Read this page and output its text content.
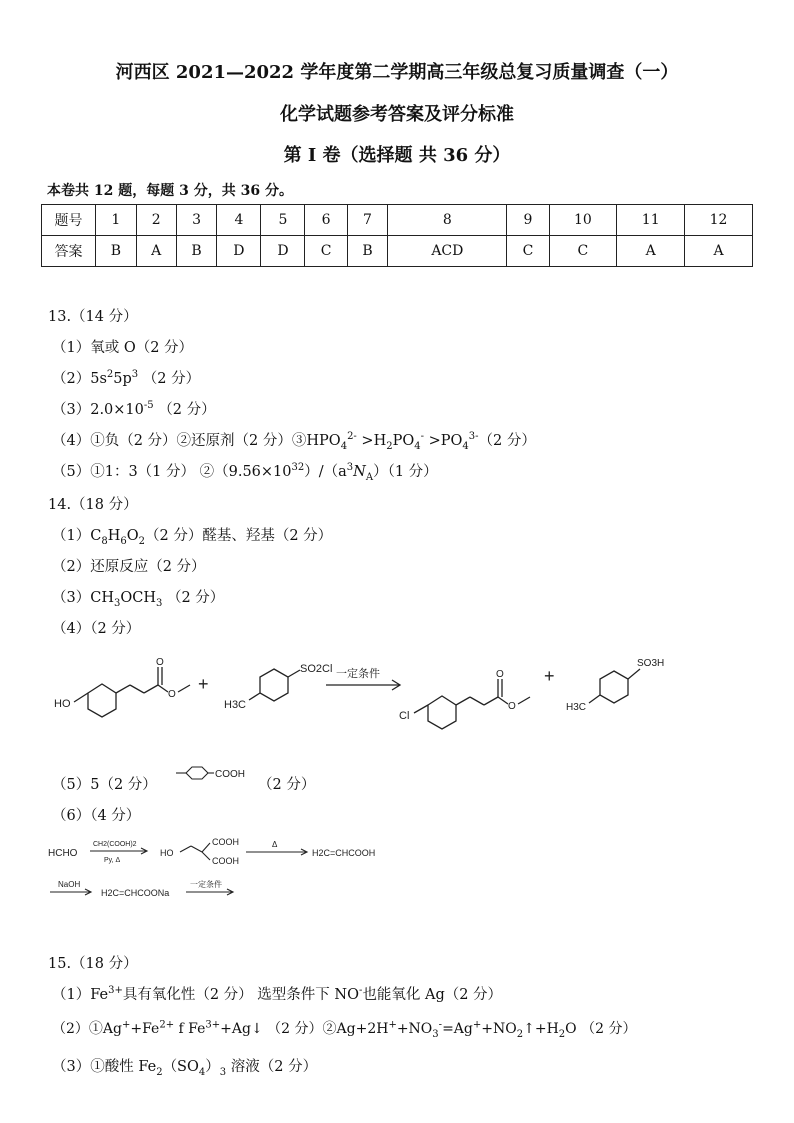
河西区 2021—2022 学年度第二学期高三年级总复习质量调查（一）
化学试题参考答案及评分标准
第 I 卷（选择题 共 36 分）
本卷共 12 题，每题 3 分，共 36 分。
题号	1	2	3	4	5	6	7	8	9	10	11	12
答案	B	A	B	D	D	C	B	ACD	C	C	A	A
13.（14 分）
（1）氧或 O（2 分）
$(2)5s^25p^3$ （2 分）
$(3)2.0\times 10^{-5}$ （2 分）
（4）①负（2 分）②还原剂（2 分）$③HPO_4^{2-} >H_2PO_4^- >PO_4^{3-}(2$ 分）
（5）①1：3（1 分） $②(9.56\times 10^{32})/(a^3N_A)(1$ 分）
14.（18 分）
$(1)C_8H_6O_2(2$ 分）醛基、羟基（2 分）
（2）还原反应（2 分）
$(3)CH_3OCH_3$ （2 分）
（4）（2 分）
HO
O
O
+
SO2Cl
H3C
一定条件
Cl
O
O
+
SO3H
H3C
（5）5（2 分）
COOH
（2 分）
（6）（4 分）
HCHO
CH2(COOH)2
Py, Δ
HO
COOH
COOH
Δ
H2C=CHCOOH
NaOH
H2C=CHCOONa
一定条件
15.（18 分）
$(1)Fe^{3+}$具有氧化性（2 分） 选型条件下 NO-也能氧化 Ag（2 分）
$(2)①Ag^++Fe^{2+}$ f $Fe^{3+}+Ag↓$ （2 分）$②Ag+2H^++NO_3^-=Ag^++NO_2↑+H_2O$ （2 分）
（3）①酸性 $Fe_2(SO_4)_3$ 溶液（2 分）
